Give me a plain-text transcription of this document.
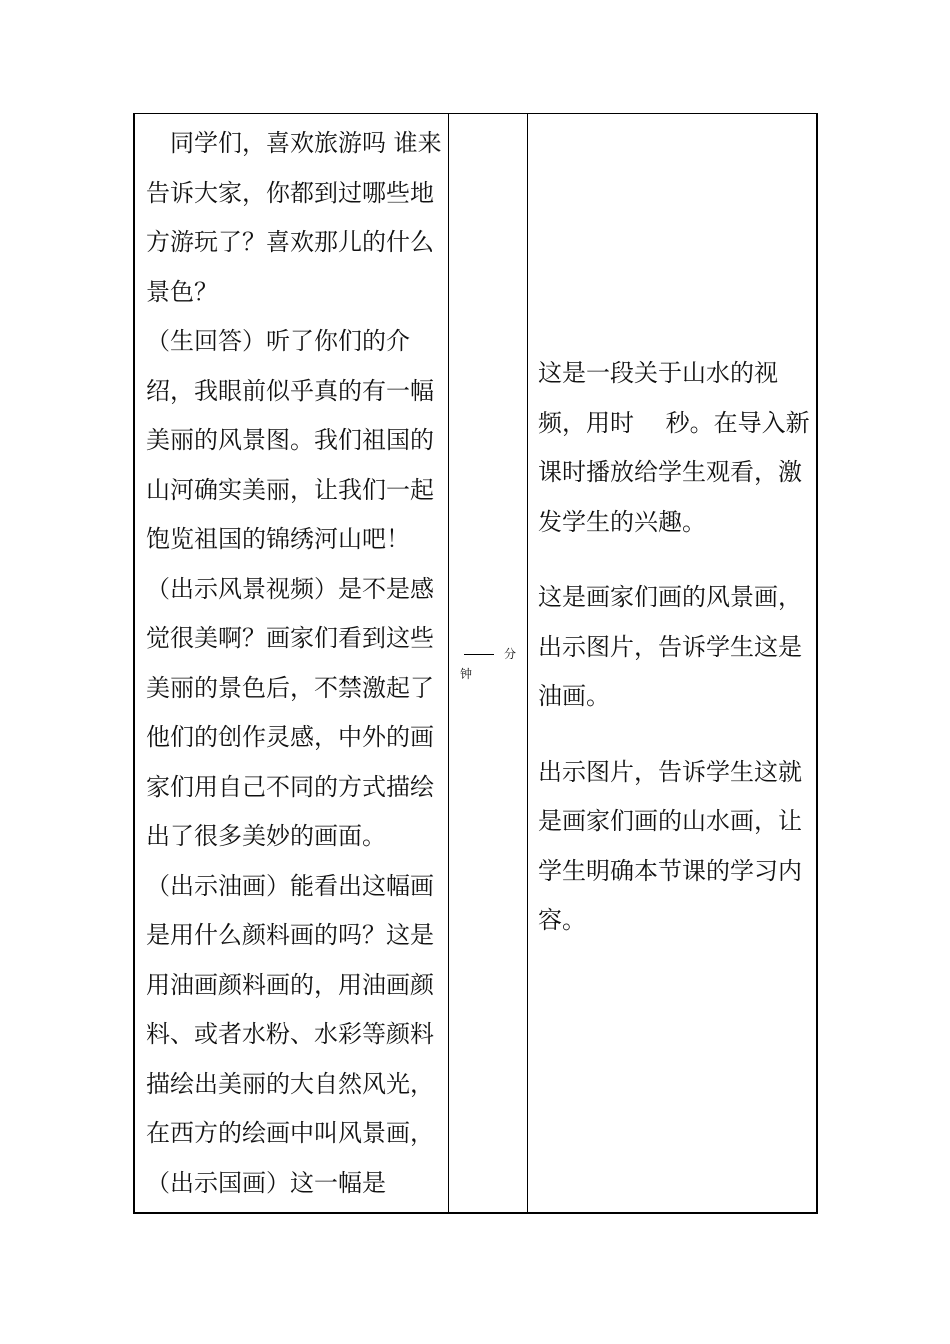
同学们，喜欢旅游吗 谁来告诉大家，你都到过哪些地方游玩了？喜欢那儿的什么景色？

（生回答）听了你们的介绍，我眼前似乎真的有一幅美丽的风景图。我们祖国的山河确实美丽，让我们一起饱览祖国的锦绣河山吧！

（出示风景视频）是不是感觉很美啊？画家们看到这些美丽的景色后，不禁激起了他们的创作灵感，中外的画家们用自己不同的方式描绘出了很多美妙的画面。

（出示油画）能看出这幅画是用什么颜料画的吗？这是用油画颜料画的，用油画颜料、或者水粉、水彩等颜料描绘出美丽的大自然风光，在西方的绘画中叫风景画，（出示国画）这一幅是

分
钟

这是一段关于山水的视频，用时　 秒。在导入新课时播放给学生观看，激发学生的兴趣。

这是画家们画的风景画，出示图片，告诉学生这是油画。

出示图片，告诉学生这就是画家们画的山水画，让学生明确本节课的学习内容。
